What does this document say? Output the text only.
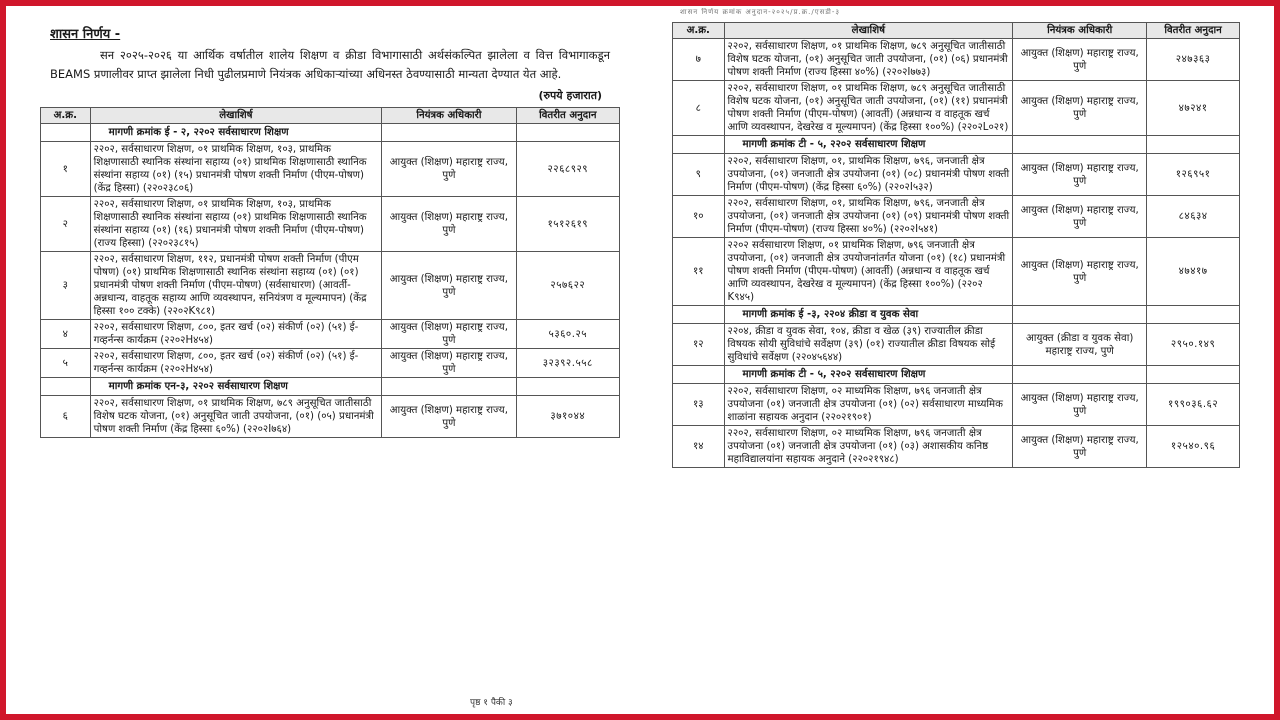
शासन निर्णय -
सन २०२५-२०२६ या आर्थिक वर्षातील शालेय शिक्षण व क्रीडा विभागासाठी अर्थसंकल्पित झालेला व वित्त विभागाकडून BEAMS प्रणालीवर प्राप्त झालेला निधी पुढीलप्रमाणे नियंत्रक अधिकाऱ्यांच्या अधिनस्त ठेवण्यासाठी मान्यता देण्यात येत आहे.
(रुपये हजारात)
अ.क्र.	लेखाशिर्ष	नियंत्रक अधिकारी	वितरीत अनुदान
	मागणी क्रमांक ई - २, २२०२ सर्वसाधारण शिक्षण		
१	२२०२, सर्वसाधारण शिक्षण, ०१ प्राथमिक शिक्षण, १०३, प्राथमिक शिक्षणासाठी स्थानिक संस्थांना सहाय्य (०१) प्राथमिक शिक्षणासाठी स्थानिक संस्थांना सहाय्य (०१) (१५) प्रधानमंत्री पोषण शक्ती निर्माण (पीएम-पोषण) (केंद्र हिस्सा) (२२०२३८०६)	आयुक्त (शिक्षण) महाराष्ट्र राज्य, पुणे	२२६८९२९
२	२२०२, सर्वसाधारण शिक्षण, ०१ प्राथमिक शिक्षण, १०३, प्राथमिक शिक्षणासाठी स्थानिक संस्थांना सहाय्य (०१) प्राथमिक शिक्षणासाठी स्थानिक संस्थांना सहाय्य (०१) (१६) प्रधानमंत्री पोषण शक्ती निर्माण (पीएम-पोषण) (राज्य हिस्सा) (२२०२३८१५)	आयुक्त (शिक्षण) महाराष्ट्र राज्य, पुणे	१५१२६१९
३	२२०२, सर्वसाधारण शिक्षण, ११२, प्रधानमंत्री पोषण शक्ती निर्माण (पीएम पोषण) (०१) प्राथमिक शिक्षणासाठी स्थानिक संस्थांना सहाय्य (०१) (०१) प्रधानमंत्री पोषण शक्ती निर्माण (पीएम-पोषण) (सर्वसाधारण) (आवर्ती-अन्नधान्य, वाहतूक सहाय्य आणि व्यवस्थापन, सनियंत्रण व मूल्यमापन) (केंद्र हिस्सा १०० टक्के) (२२०२K९८१)	आयुक्त (शिक्षण) महाराष्ट्र राज्य, पुणे	२५७६२२
४	२२०२, सर्वसाधारण शिक्षण, ८००, इतर खर्च (०२) संकीर्ण (०२) (५१) ई-गव्हर्नन्स कार्यक्रम (२२०२H४५४)	आयुक्त (शिक्षण) महाराष्ट्र राज्य, पुणे	५३६०.२५
५	२२०२, सर्वसाधारण शिक्षण, ८००, इतर खर्च (०२) संकीर्ण (०२) (५१) ई-गव्हर्नन्स कार्यक्रम (२२०२H४५४)	आयुक्त (शिक्षण) महाराष्ट्र राज्य, पुणे	३२३९२.५५८
	मागणी क्रमांक एन-३, २२०२ सर्वसाधारण शिक्षण		
६	२२०२, सर्वसाधारण शिक्षण, ०१ प्राथमिक शिक्षण, ७८९ अनुसूचित जातीसाठी विशेष घटक योजना, (०१) अनुसूचित जाती उपयोजना, (०१) (०५) प्रधानमंत्री पोषण शक्ती निर्माण (केंद्र हिस्सा ६०%) (२२०२I७६४)	आयुक्त (शिक्षण) महाराष्ट्र राज्य, पुणे	३७१०४४
पृष्ठ १ पैकी ३
शासन निर्णय क्रमांक अनुदान-२०२५/प्र.क्र./एसडी-३
अ.क्र.	लेखाशिर्ष	नियंत्रक अधिकारी	वितरीत अनुदान
७	२२०२, सर्वसाधारण शिक्षण, ०१ प्राथमिक शिक्षण, ७८९ अनुसूचित जातीसाठी विशेष घटक योजना, (०१) अनुसूचित जाती उपयोजना, (०१) (०६) प्रधानमंत्री पोषण शक्ती निर्माण (राज्य हिस्सा ४०%) (२२०२I७७३)	आयुक्त (शिक्षण) महाराष्ट्र राज्य, पुणे	२४७३६३
८	२२०२, सर्वसाधारण शिक्षण, ०१ प्राथमिक शिक्षण, ७८९ अनुसूचित जातीसाठी विशेष घटक योजना, (०१) अनुसूचित जाती उपयोजना, (०१) (११) प्रधानमंत्री पोषण शक्ती निर्माण (पीएम-पोषण) (आवर्ती) (अन्नधान्य व वाहतूक खर्च आणि व्यवस्थापन, देखरेख व मूल्यमापन) (केंद्र हिस्सा १००%) (२२०२L०२१)	आयुक्त (शिक्षण) महाराष्ट्र राज्य, पुणे	४७२४१
	मागणी क्रमांक टी - ५, २२०२ सर्वसाधारण शिक्षण		
९	२२०२, सर्वसाधारण शिक्षण, ०१, प्राथमिक शिक्षण, ७९६, जनजाती क्षेत्र उपयोजना, (०१) जनजाती क्षेत्र उपयोजना (०१) (०८) प्रधानमंत्री पोषण शक्ती निर्माण (पीएम-पोषण) (केंद्र हिस्सा ६०%) (२२०२I५३२)	आयुक्त (शिक्षण) महाराष्ट्र राज्य, पुणे	१२६९५१
१०	२२०२, सर्वसाधारण शिक्षण, ०१, प्राथमिक शिक्षण, ७९६, जनजाती क्षेत्र उपयोजना, (०१) जनजाती क्षेत्र उपयोजना (०१) (०९) प्रधानमंत्री पोषण शक्ती निर्माण (पीएम-पोषण) (राज्य हिस्सा ४०%) (२२०२I५४१)	आयुक्त (शिक्षण) महाराष्ट्र राज्य, पुणे	८४६३४
११	२२०२ सर्वसाधारण शिक्षण, ०१ प्राथमिक शिक्षण, ७९६ जनजाती क्षेत्र उपयोजना, (०१) जनजाती क्षेत्र उपयोजनांतर्गत योजना (०१) (१८) प्रधानमंत्री पोषण शक्ती निर्माण (पीएम-पोषण) (आवर्ती) (अन्नधान्य व वाहतूक खर्च आणि व्यवस्थापन, देखरेख व मूल्यमापन) (केंद्र हिस्सा १००%) (२२०२ K९४५)	आयुक्त (शिक्षण) महाराष्ट्र राज्य, पुणे	४७४१७
	मागणी क्रमांक ई -३, २२०४ क्रीडा व युवक सेवा		
१२	२२०४, क्रीडा व युवक सेवा, १०४, क्रीडा व खेळ (३९) राज्यातील क्रीडा विषयक सोयी सुविधांचे सर्वेक्षण (३९) (०१) राज्यातील क्रीडा विषयक सोई सुविधांचे सर्वेक्षण (२२०४५६४४)	आयुक्त (क्रीडा व युवक सेवा) महाराष्ट्र राज्य, पुणे	२९५०.१४९
	मागणी क्रमांक टी - ५, २२०२ सर्वसाधारण शिक्षण		
१३	२२०२, सर्वसाधारण शिक्षण, ०२ माध्यमिक शिक्षण, ७९६ जनजाती क्षेत्र उपयोजना (०१) जनजाती क्षेत्र उपयोजना (०१) (०२) सर्वसाधारण माध्यमिक शाळांना सहायक अनुदान (२२०२१९०१)	आयुक्त (शिक्षण) महाराष्ट्र राज्य, पुणे	१९९०३६.६२
१४	२२०२, सर्वसाधारण शिक्षण, ०२ माध्यमिक शिक्षण, ७९६ जनजाती क्षेत्र उपयोजना (०१) जनजाती क्षेत्र उपयोजना (०१) (०३) अशासकीय कनिष्ठ महाविद्यालयांना सहायक अनुदाने (२२०२१९४८)	आयुक्त (शिक्षण) महाराष्ट्र राज्य, पुणे	१२५४०.९६
